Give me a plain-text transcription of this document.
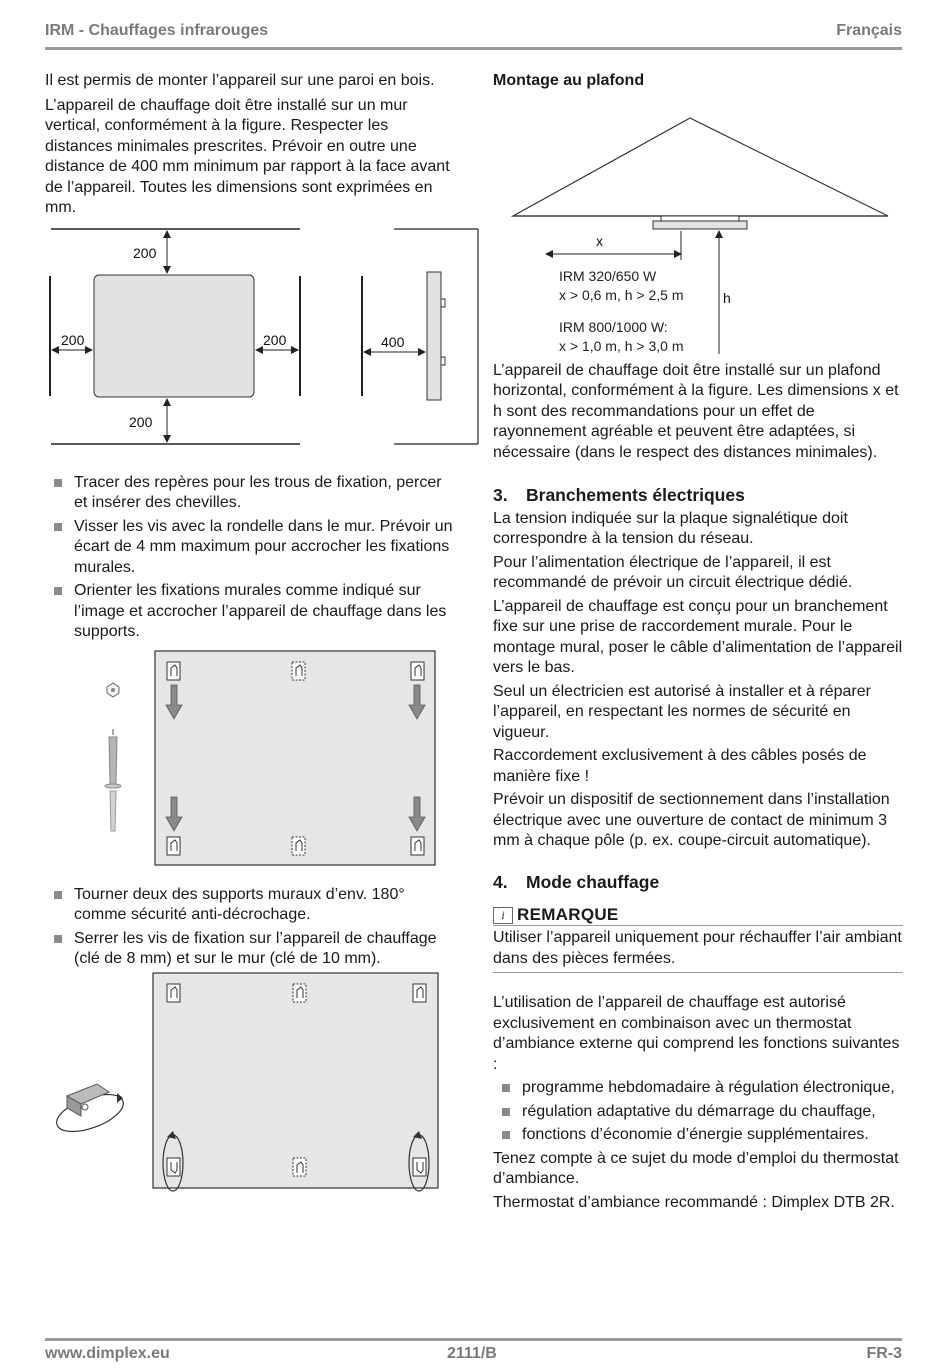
IRM - Chauffages infrarouges	Français

Il est permis de monter l’appareil sur une paroi en bois.

L’appareil de chauffage doit être installé sur un mur vertical, conformément à la figure. Respecter les distances minimales prescrites. Prévoir en outre une distance de 400 mm minimum par rapport à la face avant de l’appareil. Toutes les dimensions sont exprimées en mm.

200
200	200
200
400
Tracer des repères pour les trous de fixation, percer et insérer des chevilles.
Visser les vis avec la rondelle dans le mur. Prévoir un écart de 4 mm maximum pour accrocher les fixations murales.
Orienter les fixations murales comme indiqué sur l’image et accrocher l’appareil de chauffage dans les supports.
Tourner deux des supports muraux d’env. 180° comme sécurité anti-décrochage.
Serrer les vis de fixation sur l’appareil de chauffage (clé de 8 mm) et sur le mur (clé de 10 mm).
Montage au plafond
x
h
IRM 320/650 W
x > 0,6 m, h > 2,5 m
IRM 800/1000 W:
x > 1,0 m, h > 3,0 m

L’appareil de chauffage doit être installé sur un plafond horizontal, conformément à la figure. Les dimensions x et h sont des recommandations pour un effet de rayonnement agréable et peuvent être adaptées, si nécessaire (dans le respect des distances minimales).

3. Branchements électriques

La tension indiquée sur la plaque signalétique doit correspondre à la tension du réseau.

Pour l’alimentation électrique de l’appareil, il est recommandé de prévoir un circuit électrique dédié.

L’appareil de chauffage est conçu pour un branchement fixe sur une prise de raccordement murale. Pour le montage mural, poser le câble d’alimentation de l’appareil vers le bas.

Seul un électricien est autorisé à installer et à réparer l’appareil, en respectant les normes de sécurité en vigueur.

Raccordement exclusivement à des câbles posés de manière fixe !

Prévoir un dispositif de sectionnement dans l’installation électrique avec une ouverture de contact de minimum 3 mm à chaque pôle (p. ex. coupe-circuit automatique).

4. Mode chauffage
i REMARQUE
Utiliser l’appareil uniquement pour réchauffer l’air ambiant dans des pièces fermées.

L’utilisation de l’appareil de chauffage est autorisé exclusivement en combinaison avec un thermostat d’ambiance externe qui comprend les fonctions suivantes :

programme hebdomadaire à régulation électronique,
régulation adaptative du démarrage du chauffage,
fonctions d’économie d’énergie supplémentaires.

Tenez compte à ce sujet du mode d’emploi du thermostat d’ambiance.

Thermostat d’ambiance recommandé : Dimplex DTB 2R.

www.dimplex.eu	2111/B	FR-3
